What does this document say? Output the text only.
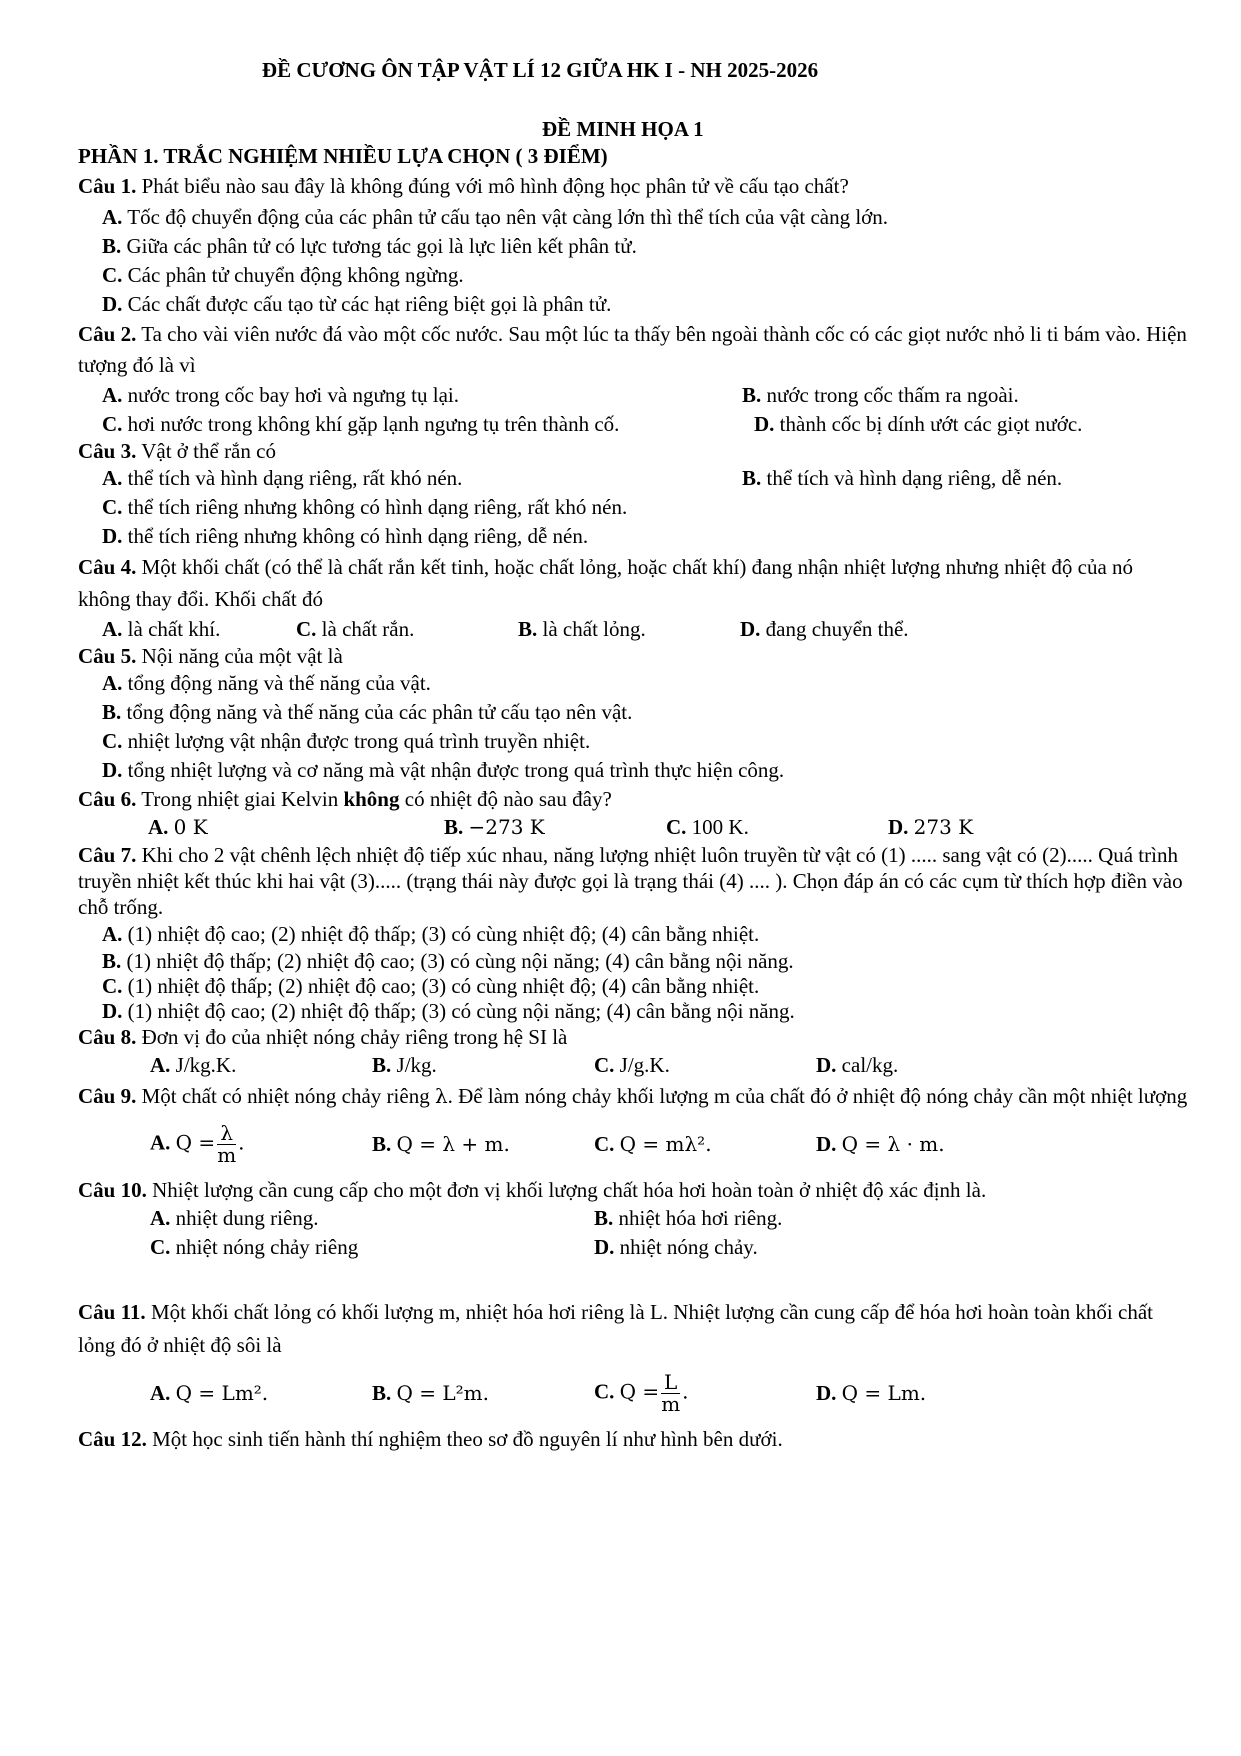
ĐỀ CƯƠNG ÔN TẬP VẬT LÍ 12 GIỮA HK I - NH 2025-2026
ĐỀ MINH HỌA 1
PHẦN 1. TRẮC NGHIỆM NHIỀU LỰA CHỌN ( 3 ĐIỂM)
Câu 1. Phát biểu nào sau đây là không đúng với mô hình động học phân tử về cấu tạo chất?
A. Tốc độ chuyển động của các phân tử cấu tạo nên vật càng lớn thì thể tích của vật càng lớn.
B. Giữa các phân tử có lực tương tác gọi là lực liên kết phân tử.
C. Các phân tử chuyển động không ngừng.
D. Các chất được cấu tạo từ các hạt riêng biệt gọi là phân tử.
Câu 2. Ta cho vài viên nước đá vào một cốc nước. Sau một lúc ta thấy bên ngoài thành cốc có các giọt nước nhỏ li ti bám vào. Hiện tượng đó là vì
A. nước trong cốc bay hơi và ngưng tụ lại.	B. nước trong cốc thấm ra ngoài.
C. hơi nước trong không khí gặp lạnh ngưng tụ trên thành cố.	D. thành cốc bị dính ướt các giọt nước.
Câu 3. Vật ở thể rắn có
A. thể tích và hình dạng riêng, rất khó nén.	B. thể tích và hình dạng riêng, dễ nén.
C. thể tích riêng nhưng không có hình dạng riêng, rất khó nén.
D. thể tích riêng nhưng không có hình dạng riêng, dễ nén.
Câu 4. Một khối chất (có thể là chất rắn kết tinh, hoặc chất lỏng, hoặc chất khí) đang nhận nhiệt lượng nhưng nhiệt độ của nó không thay đổi. Khối chất đó
A. là chất khí.	C. là chất rắn.	B. là chất lỏng.	D. đang chuyển thể.
Câu 5. Nội năng của một vật là
A. tổng động năng và thế năng của vật.
B. tổng động năng và thế năng của các phân tử cấu tạo nên vật.
C. nhiệt lượng vật nhận được trong quá trình truyền nhiệt.
D. tổng nhiệt lượng và cơ năng mà vật nhận được trong quá trình thực hiện công.
Câu 6. Trong nhiệt giai Kelvin không có nhiệt độ nào sau đây?
A. 0 K	B. −273 K	C. 100 K.	D. 273 K
Câu 7. Khi cho 2 vật chênh lệch nhiệt độ tiếp xúc nhau, năng lượng nhiệt luôn truyền từ vật có (1) ..... sang vật có (2)..... Quá trình truyền nhiệt kết thúc khi hai vật (3)..... (trạng thái này được gọi là trạng thái (4) .... ). Chọn đáp án có các cụm từ thích hợp điền vào chỗ trống.
A. (1) nhiệt độ cao; (2) nhiệt độ thấp; (3) có cùng nhiệt độ; (4) cân bằng nhiệt.
B. (1) nhiệt độ thấp; (2) nhiệt độ cao; (3) có cùng nội năng; (4) cân bằng nội năng.
C. (1) nhiệt độ thấp; (2) nhiệt độ cao; (3) có cùng nhiệt độ; (4) cân bằng nhiệt.
D. (1) nhiệt độ cao; (2) nhiệt độ thấp; (3) có cùng nội năng; (4) cân bằng nội năng.
Câu 8. Đơn vị đo của nhiệt nóng chảy riêng trong hệ SI là
A. J/kg.K.	B. J/kg.	C. J/g.K.	D. cal/kg.
Câu 9. Một chất có nhiệt nóng chảy riêng λ. Để làm nóng chảy khối lượng m của chất đó ở nhiệt độ nóng chảy cần một nhiệt lượng
A. $Q = \frac{\lambda}{m}$ .	B. Q = λ + m.	C. Q = mλ².	D. Q = λ · m.
Câu 10. Nhiệt lượng cần cung cấp cho một đơn vị khối lượng chất hóa hơi hoàn toàn ở nhiệt độ xác định là.
A. nhiệt dung riêng.	B. nhiệt hóa hơi riêng.
C. nhiệt nóng chảy riêng	D. nhiệt nóng chảy.
Câu 11. Một khối chất lỏng có khối lượng m, nhiệt hóa hơi riêng là L. Nhiệt lượng cần cung cấp để hóa hơi hoàn toàn khối chất lỏng đó ở nhiệt độ sôi là
A. Q = Lm².	B. Q = L²m.	C. $Q = \frac{L}{m}$ .	D. Q = Lm.
Câu 12. Một học sinh tiến hành thí nghiệm theo sơ đồ nguyên lí như hình bên dưới.
